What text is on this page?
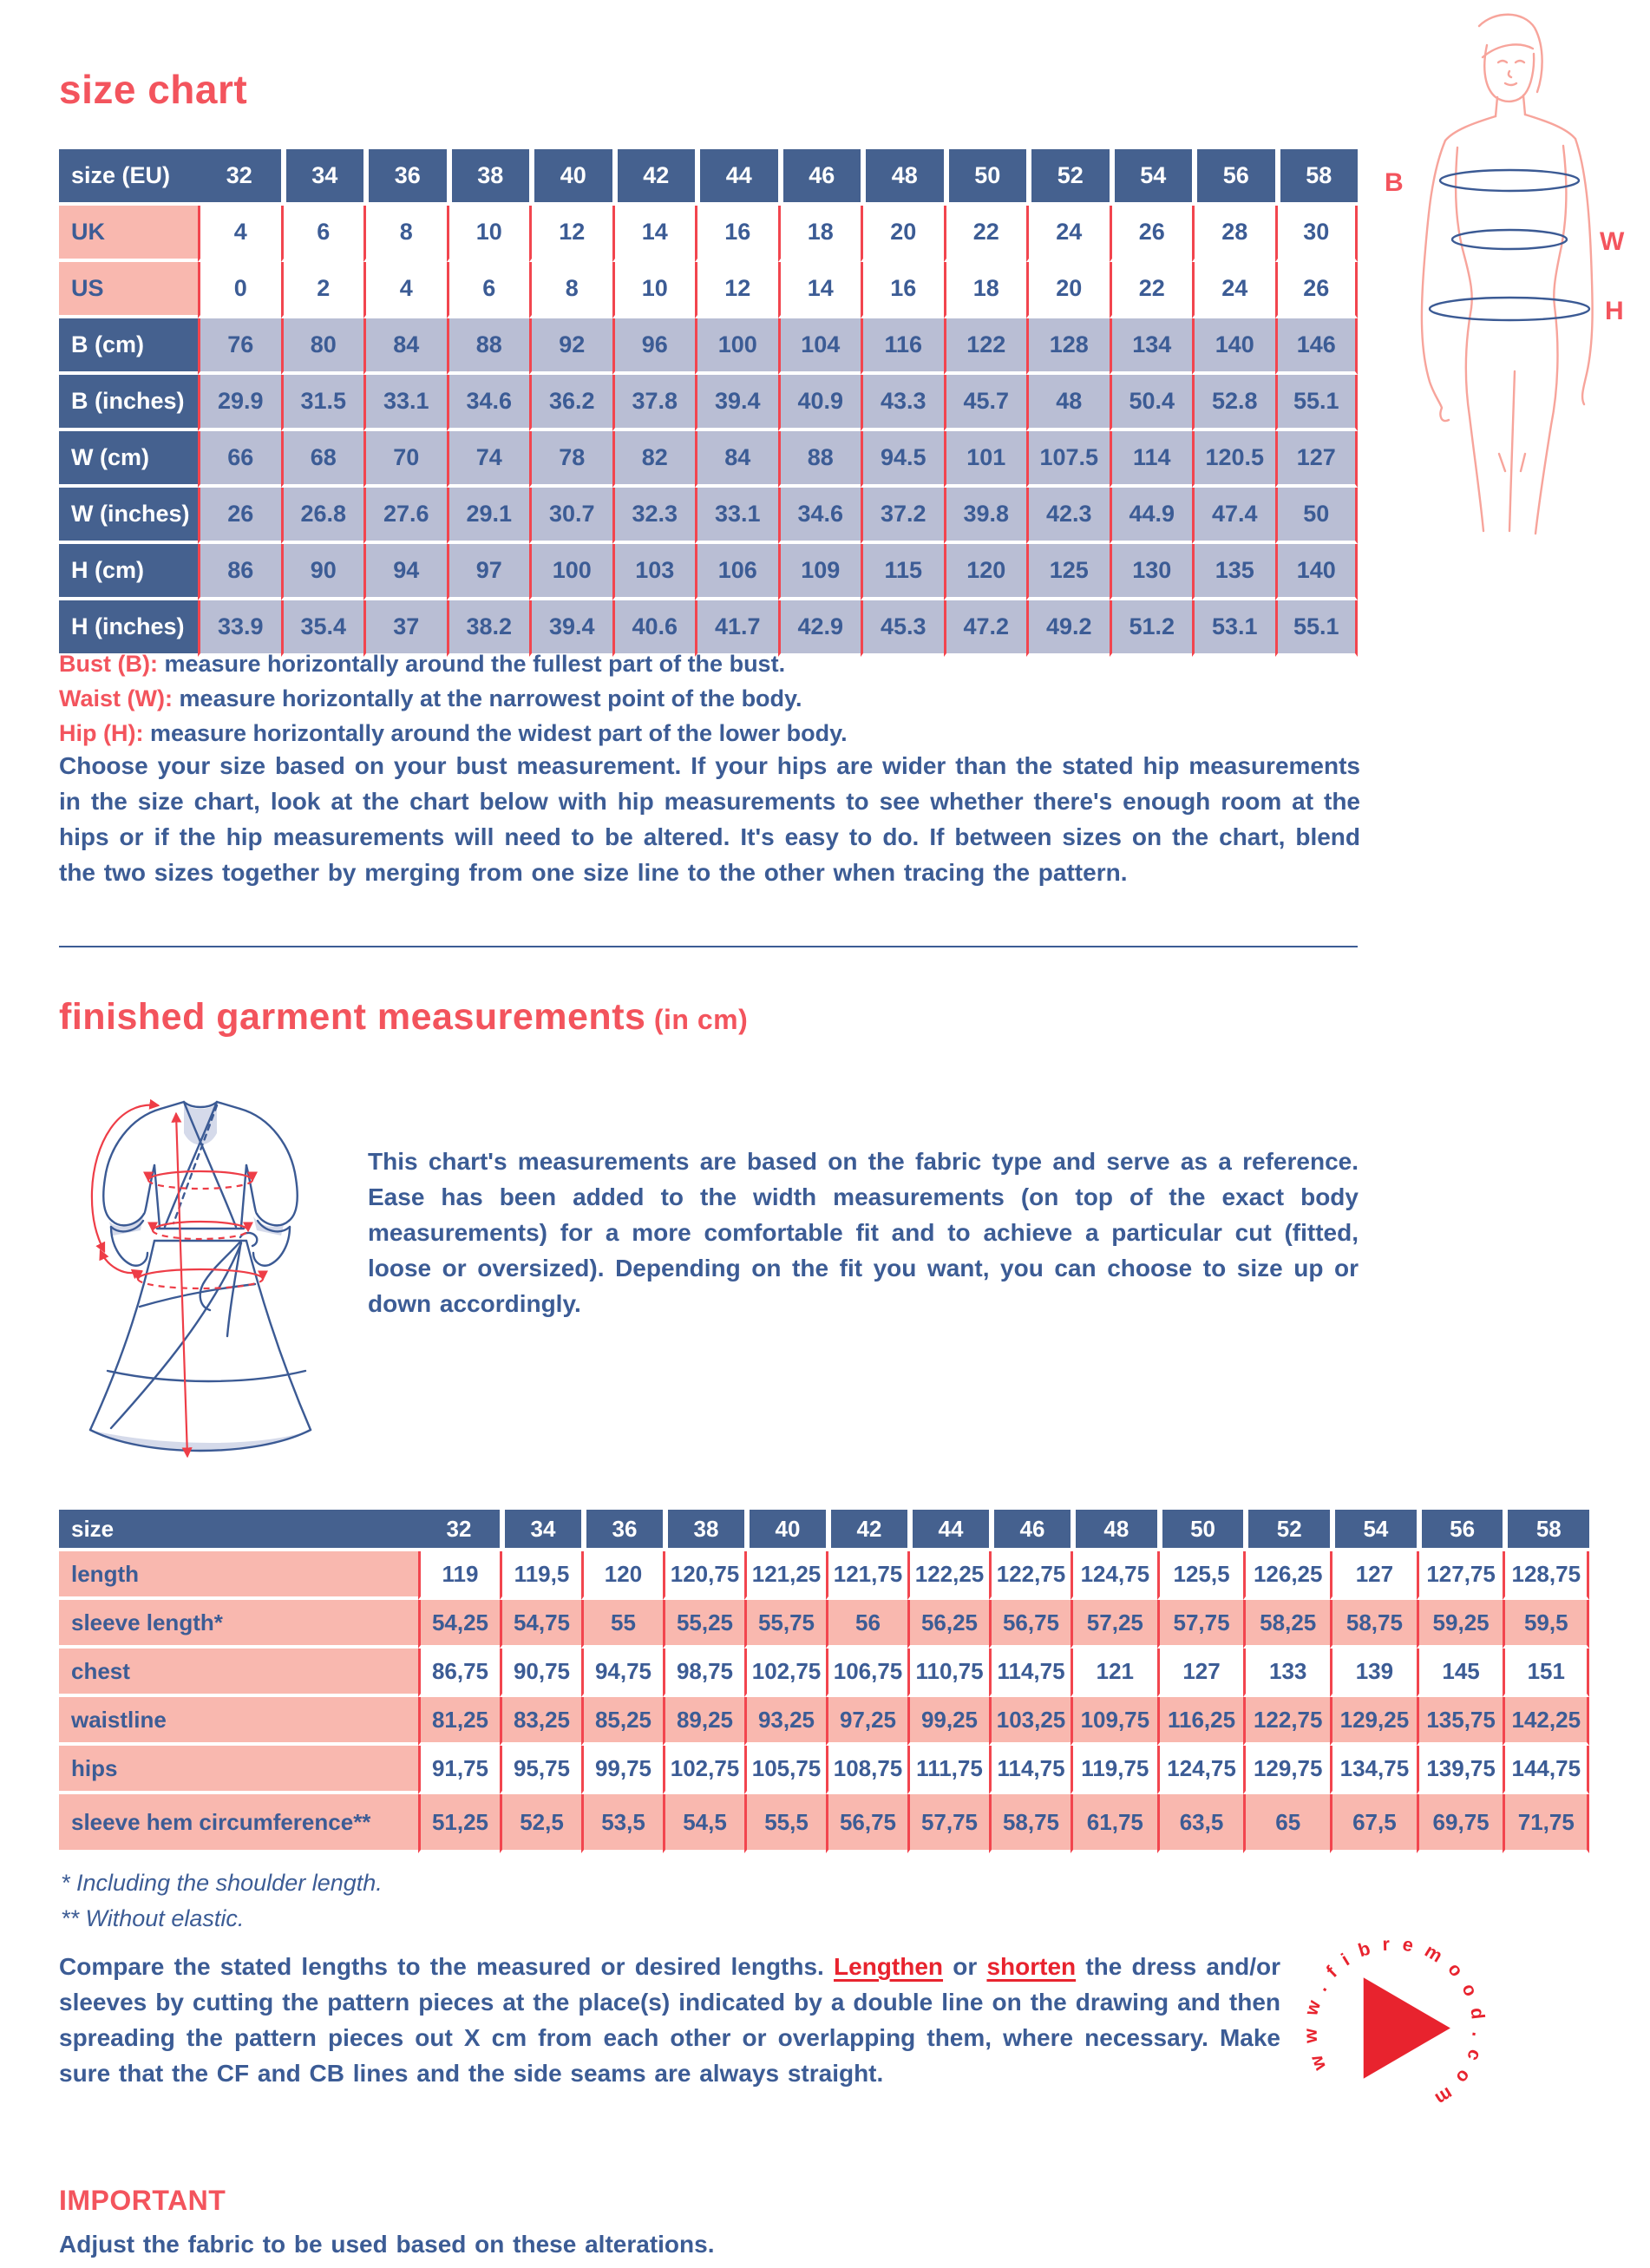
size chart
B
W
H
size (EU)	32	34	36	38	40	42	44	46	48	50	52	54	56	58
UK	4	6	8	10	12	14	16	18	20	22	24	26	28	30
US	0	2	4	6	8	10	12	14	16	18	20	22	24	26
B (cm)	76	80	84	88	92	96	100	104	116	122	128	134	140	146
B (inches)	29.9	31.5	33.1	34.6	36.2	37.8	39.4	40.9	43.3	45.7	48	50.4	52.8	55.1
W (cm)	66	68	70	74	78	82	84	88	94.5	101	107.5	114	120.5	127
W (inches)	26	26.8	27.6	29.1	30.7	32.3	33.1	34.6	37.2	39.8	42.3	44.9	47.4	50
H (cm)	86	90	94	97	100	103	106	109	115	120	125	130	135	140
H (inches)	33.9	35.4	37	38.2	39.4	40.6	41.7	42.9	45.3	47.2	49.2	51.2	53.1	55.1
Bust (B): measure horizontally around the fullest part of the bust.
Waist (W): measure horizontally at the narrowest point of the body.
Hip (H): measure horizontally around the widest part of the lower body.
Choose your size based on your bust measurement. If your hips are wider than the stated hip measurements in the size chart, look at the chart below with hip measurements to see whether there's enough room at the hips or if the hip measurements will need to be altered. It's easy to do. If between sizes on the chart, blend the two sizes together by merging from one size line to the other when tracing the pattern.
finished garment measurements (in cm)
This chart's measurements are based on the fabric type and serve as a reference. Ease has been added to the width measurements (on top of the exact body measurements) for a more comfortable fit and to achieve a particular cut (fitted, loose or oversized). Depending on the fit you want, you can choose to size up or down accordingly.
size	32	34	36	38	40	42	44	46	48	50	52	54	56	58
length	119	119,5	120	120,75	121,25	121,75	122,25	122,75	124,75	125,5	126,25	127	127,75	128,75
sleeve length*	54,25	54,75	55	55,25	55,75	56	56,25	56,75	57,25	57,75	58,25	58,75	59,25	59,5
chest	86,75	90,75	94,75	98,75	102,75	106,75	110,75	114,75	121	127	133	139	145	151
waistline	81,25	83,25	85,25	89,25	93,25	97,25	99,25	103,25	109,75	116,25	122,75	129,25	135,75	142,25
hips	91,75	95,75	99,75	102,75	105,75	108,75	111,75	114,75	119,75	124,75	129,75	134,75	139,75	144,75
sleeve hem circumference**	51,25	52,5	53,5	54,5	55,5	56,75	57,75	58,75	61,75	63,5	65	67,5	69,75	71,75
* Including the shoulder length.
** Without elastic.
Compare the stated lengths to the measured or desired lengths. Lengthen or shorten the dress and/or sleeves by cutting the pattern pieces at the place(s) indicated by a double line on the drawing and then spreading the pattern pieces out X cm from each other or overlapping them, where necessary. Make sure that the CF and CB lines and the side seams are always straight.	www.fibremood.com
IMPORTANT
Adjust the fabric to be used based on these alterations.
